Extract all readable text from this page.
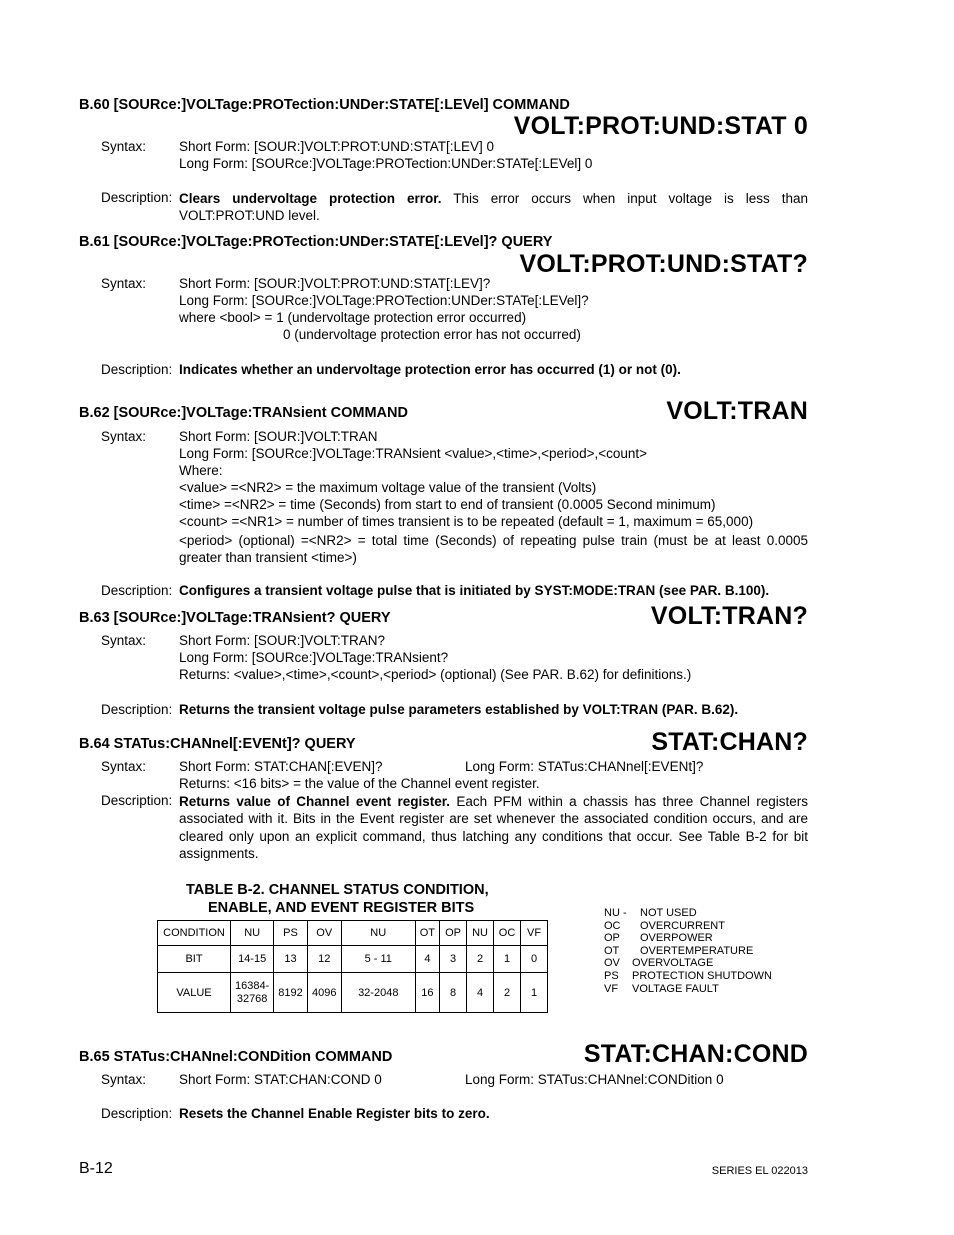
B.60 [SOURce:]VOLTage:PROTection:UNDer:STATE[:LEVel] COMMAND
VOLT:PROT:UND:STAT 0
Syntax: Short Form: [SOUR:]VOLT:PROT:UND:STAT[:LEV] 0
Long Form: [SOURce:]VOLTage:PROTection:UNDer:STATe[:LEVel] 0
Description: Clears undervoltage protection error. This error occurs when input voltage is less than VOLT:PROT:UND level.
B.61 [SOURce:]VOLTage:PROTection:UNDer:STATE[:LEVel]? QUERY
VOLT:PROT:UND:STAT?
Syntax: Short Form: [SOUR:]VOLT:PROT:UND:STAT[:LEV]?
Long Form: [SOURce:]VOLTage:PROTection:UNDer:STATe[:LEVel]?
where <bool> = 1 (undervoltage protection error occurred)
0 (undervoltage protection error has not occurred)
Description: Indicates whether an undervoltage protection error has occurred (1) or not (0).
B.62 [SOURce:]VOLTage:TRANsient COMMAND	VOLT:TRAN
Syntax: Short Form: [SOUR:]VOLT:TRAN
Long Form: [SOURce:]VOLTage:TRANsient <value>,<time>,<period>,<count>
Where:
<value> =<NR2> = the maximum voltage value of the transient (Volts)
<time> =<NR2> = time (Seconds) from start to end of transient (0.0005 Second minimum)
<count> =<NR1> = number of times transient is to be repeated (default = 1, maximum = 65,000)
<period> (optional) =<NR2> = total time (Seconds) of repeating pulse train (must be at least 0.0005 greater than transient <time>)
Description: Configures a transient voltage pulse that is initiated by SYST:MODE:TRAN (see PAR. B.100).
B.63 [SOURce:]VOLTage:TRANsient? QUERY	VOLT:TRAN?
Syntax: Short Form: [SOUR:]VOLT:TRAN?
Long Form: [SOURce:]VOLTage:TRANsient?
Returns: <value>,<time>,<count>,<period> (optional) (See PAR. B.62) for definitions.)
Description: Returns the transient voltage pulse parameters established by VOLT:TRAN (PAR. B.62).
B.64 STATus:CHANnel[:EVENt]? QUERY	STAT:CHAN?
Syntax: Short Form: STAT:CHAN[:EVEN]?	Long Form: STATus:CHANnel[:EVENt]?
Returns: <16 bits> = the value of the Channel event register.
Description: Returns value of Channel event register. Each PFM within a chassis has three Channel registers associated with it. Bits in the Event register are set whenever the associated condition occurs, and are cleared only upon an explicit command, thus latching any conditions that occur. See Table B-2 for bit assignments.
TABLE B-2. CHANNEL STATUS CONDITION,
ENABLE, AND EVENT REGISTER BITS
CONDITION	NU	PS	OV	NU	OT	OP	NU	OC	VF
BIT	14-15	13	12	5 - 11	4	3	2	1	0
VALUE	16384-
32768	8192	4096	32-2048	16	8	4	2	1
NU - NOT USED
OC OVERCURRENT
OP OVERPOWER
OT OVERTEMPERATURE
OV OVERVOLTAGE
PS PROTECTION SHUTDOWN
VF VOLTAGE FAULT
B.65 STATus:CHANnel:CONDition COMMAND	STAT:CHAN:COND
Syntax: Short Form: STAT:CHAN:COND 0	Long Form: STATus:CHANnel:CONDition 0
Description: Resets the Channel Enable Register bits to zero.
B-12	SERIES EL 022013
